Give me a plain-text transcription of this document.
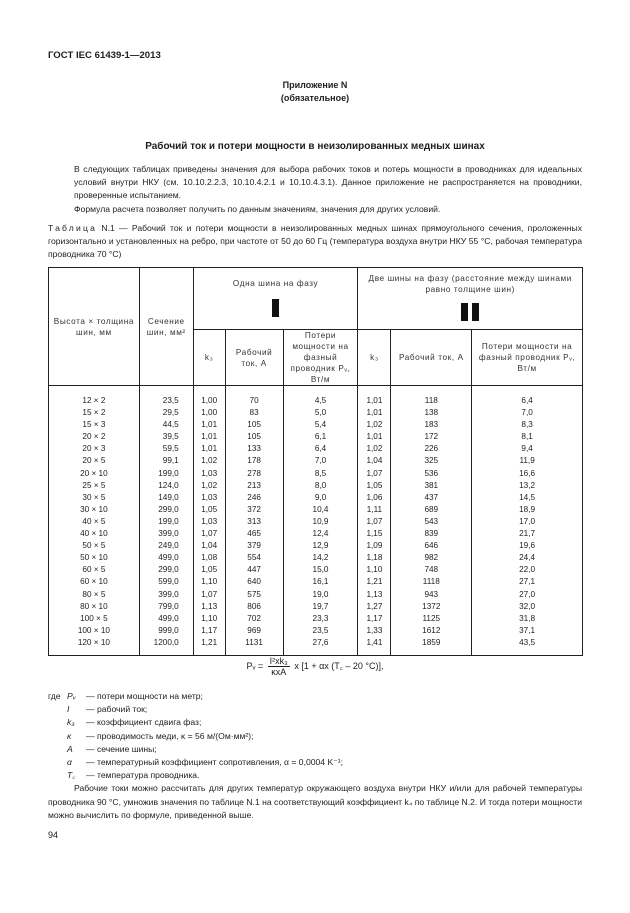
ГОСТ IEC 61439-1—2013
Приложение N
(обязательное)
Рабочий ток и потери мощности в неизолированных медных шинах
В следующих таблицах приведены значения для выбора рабочих токов и потерь мощности в проводниках для идеальных условий внутри НКУ (см. 10.10.2.2.3, 10.10.4.2.1 и 10.10.4.3.1). Данное приложение не распространяется на проводники, проверенные испытанием.
Формула расчета позволяет получить по данным значениям, значения для других условий.
Таблица N.1 — Рабочий ток и потери мощности в неизолированных медных шинах прямоугольного сечения, проложенных горизонтально и установленных на ребро, при частоте от 50 до 60 Гц (температура воздуха внутри НКУ 55 °С, рабочая температура проводника 70 °С)
Высота × толщина шин, мм	Сечение шин, мм²	Одна шина на фазу			Две шины на фазу (расстояние между шинами равно толщине шин)		

		k₃	Рабочий ток, А	Потери мощности на фазный проводник Pᵥ, Вт/м	k₃	Рабочий ток, А	Потери мощности на фазный проводник Pᵥ, Вт/м
12 × 2	23,5	1,00	70	4,5	1,01	118	6,4
15 × 2	29,5	1,00	83	5,0	1,01	138	7,0
15 × 3	44,5	1,01	105	5,4	1,02	183	8,3
20 × 2	39,5	1,01	105	6,1	1,01	172	8,1
20 × 3	59,5	1,01	133	6,4	1,02	226	9,4
20 × 5	99,1	1,02	178	7,0	1,04	325	11,9
20 × 10	199,0	1,03	278	8,5	1,07	536	16,6
25 × 5	124,0	1,02	213	8,0	1,05	381	13,2
30 × 5	149,0	1,03	246	9,0	1,06	437	14,5
30 × 10	299,0	1,05	372	10,4	1,11	689	18,9
40 × 5	199,0	1,03	313	10,9	1,07	543	17,0
40 × 10	399,0	1,07	465	12,4	1,15	839	21,7
50 × 5	249,0	1,04	379	12,9	1,09	646	19,6
50 × 10	499,0	1,08	554	14,2	1,18	982	24,4
60 × 5	299,0	1,05	447	15,0	1,10	748	22,0
60 × 10	599,0	1,10	640	16,1	1,21	1118	27,1
80 × 5	399,0	1,07	575	19,0	1,13	943	27,0
80 × 10	799,0	1,13	806	19,7	1,27	1372	32,0
100 × 5	499,0	1,10	702	23,3	1,17	1125	31,8
100 × 10	999,0	1,17	969	23,5	1,33	1612	37,1
120 × 10	1200,0	1,21	1131	27,6	1,41	1859	43,5
Pᵥ = $\frac{\text{I²xk₃}}{\text{κxA}}$ x [1 + αx (T꜀ – 20 °С)],
где Pᵥ — потери мощности на метр;
I — рабочий ток;
k₃ — коэффициент сдвига фаз;
κ — проводимость меди, κ = 56 м/(Ом·мм²);
A — сечение шины;
α — температурный коэффициент сопротивления, α = 0,0004 K⁻¹;
T꜀ — температура проводника.
Рабочие токи можно рассчитать для других температур окружающего воздуха внутри НКУ и/или для рабочей температуры проводника 90 °С, умножив значения по таблице N.1 на соответствующий коэффициент k₄ по таблице N.2. И тогда потери мощности можно вычислить по формуле, приведенной выше.
94
